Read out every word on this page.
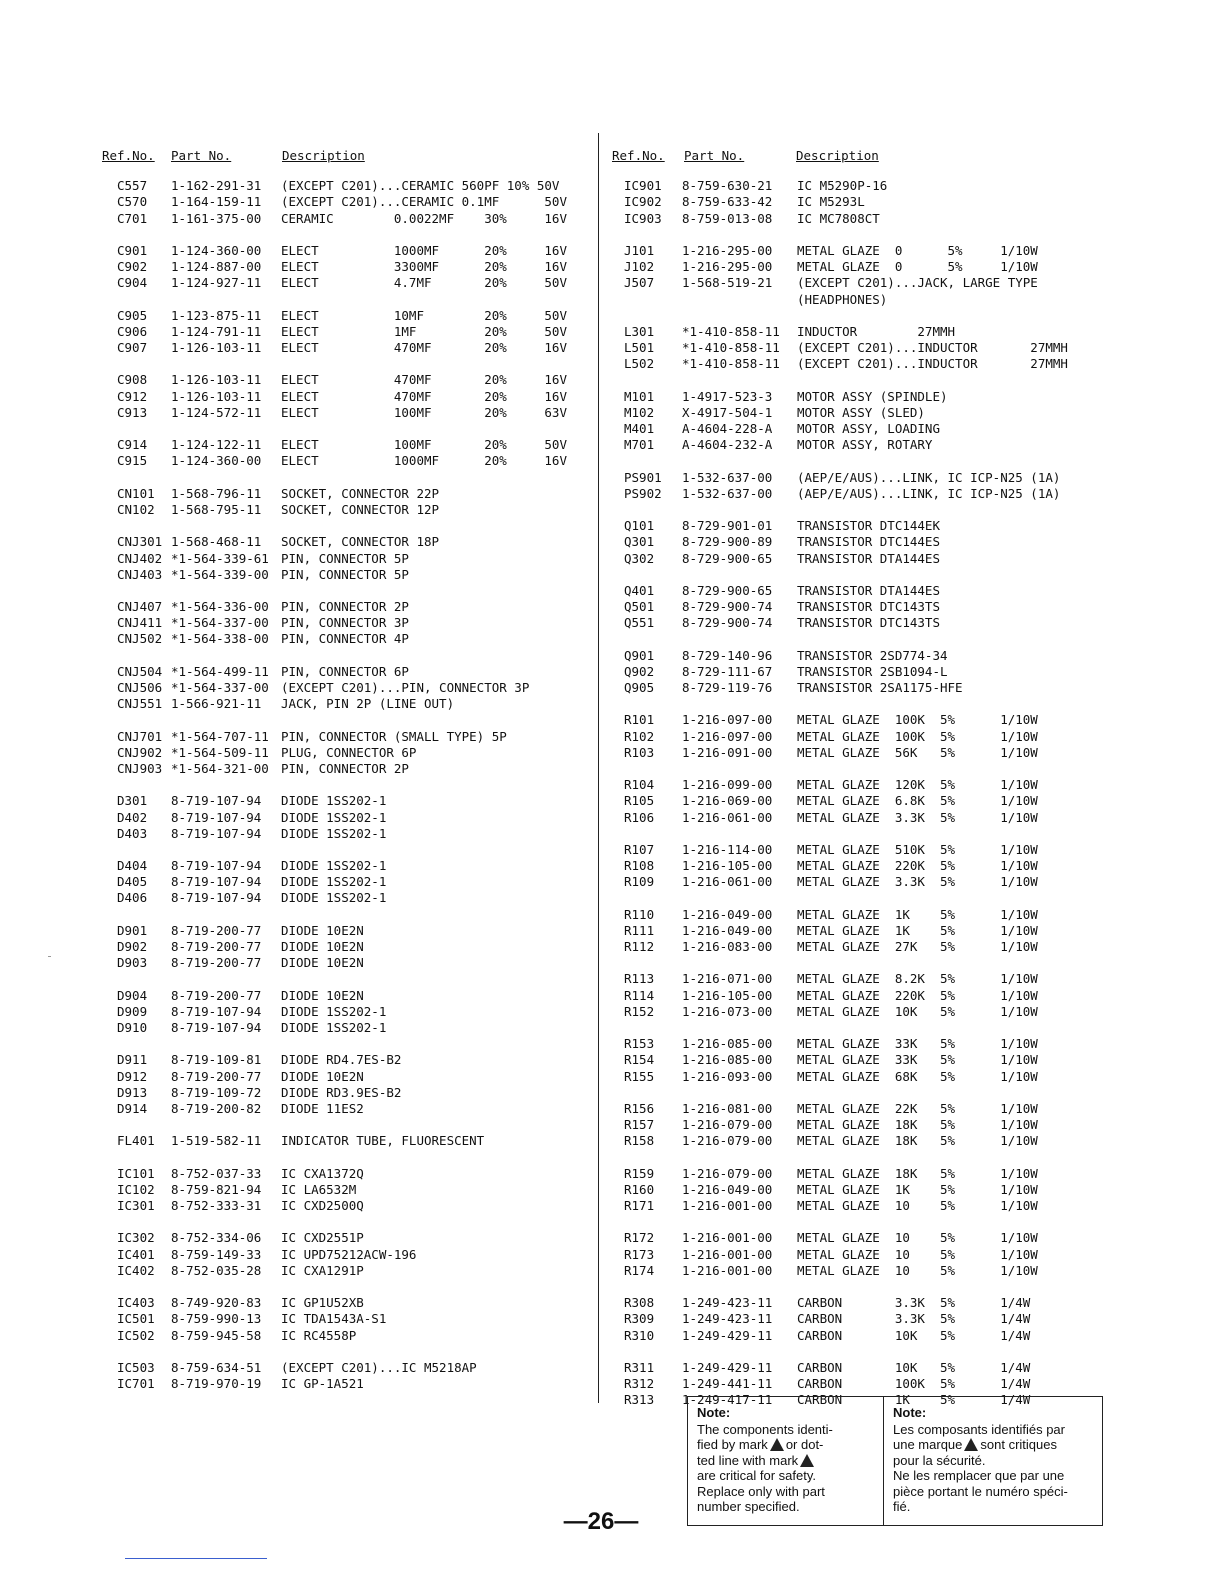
Ref.No.	Part No.	Description
C557	1-162-291-31	(EXCEPT C201)...CERAMIC 560PF 10% 50V
C570	1-164-159-11	(EXCEPT C201)...CERAMIC 0.1MF      50V
C701	1-161-375-00	CERAMIC        0.0022MF    30%     16V
C901	1-124-360-00	ELECT          1000MF      20%     16V
C902	1-124-887-00	ELECT          3300MF      20%     16V
C904	1-124-927-11	ELECT          4.7MF       20%     50V
C905	1-123-875-11	ELECT          10MF        20%     50V
C906	1-124-791-11	ELECT          1MF         20%     50V
C907	1-126-103-11	ELECT          470MF       20%     16V
C908	1-126-103-11	ELECT          470MF       20%     16V
C912	1-126-103-11	ELECT          470MF       20%     16V
C913	1-124-572-11	ELECT          100MF       20%     63V
C914	1-124-122-11	ELECT          100MF       20%     50V
C915	1-124-360-00	ELECT          1000MF      20%     16V
CN101	1-568-796-11	SOCKET, CONNECTOR 22P
CN102	1-568-795-11	SOCKET, CONNECTOR 12P
CNJ301 1-568-468-11	SOCKET, CONNECTOR 18P
CNJ402 *1-564-339-61 PIN, CONNECTOR 5P
CNJ403 *1-564-339-00 PIN, CONNECTOR 5P
CNJ407 *1-564-336-00 PIN, CONNECTOR 2P
CNJ411 *1-564-337-00 PIN, CONNECTOR 3P
CNJ502 *1-564-338-00 PIN, CONNECTOR 4P
CNJ504 *1-564-499-11 PIN, CONNECTOR 6P
CNJ506 *1-564-337-00 (EXCEPT C201)...PIN, CONNECTOR 3P
CNJ551 1-566-921-11	JACK, PIN 2P (LINE OUT)
CNJ701 *1-564-707-11 PIN, CONNECTOR (SMALL TYPE) 5P
CNJ902 *1-564-509-11 PLUG, CONNECTOR 6P
CNJ903 *1-564-321-00 PIN, CONNECTOR 2P
D301	8-719-107-94	DIODE 1SS202-1
D402	8-719-107-94	DIODE 1SS202-1
D403	8-719-107-94	DIODE 1SS202-1
D404	8-719-107-94	DIODE 1SS202-1
D405	8-719-107-94	DIODE 1SS202-1
D406	8-719-107-94	DIODE 1SS202-1
D901	8-719-200-77	DIODE 10E2N
D902	8-719-200-77	DIODE 10E2N
D903	8-719-200-77	DIODE 10E2N
D904	8-719-200-77	DIODE 10E2N
D909	8-719-107-94	DIODE 1SS202-1
D910	8-719-107-94	DIODE 1SS202-1
D911	8-719-109-81	DIODE RD4.7ES-B2
D912	8-719-200-77	DIODE 10E2N
D913	8-719-109-72	DIODE RD3.9ES-B2
D914	8-719-200-82	DIODE 11ES2
FL401	1-519-582-11	INDICATOR TUBE, FLUORESCENT
IC101	8-752-037-33	IC CXA1372Q
IC102	8-759-821-94	IC LA6532M
IC301	8-752-333-31	IC CXD2500Q
IC302	8-752-334-06	IC CXD2551P
IC401	8-759-149-33	IC UPD75212ACW-196
IC402	8-752-035-28	IC CXA1291P
IC403	8-749-920-83	IC GP1U52XB
IC501	8-759-990-13	IC TDA1543A-S1
IC502	8-759-945-58	IC RC4558P
IC503	8-759-634-51	(EXCEPT C201)...IC M5218AP
IC701	8-719-970-19	IC GP-1A521
Ref.No.	Part No.	Description
IC901	8-759-630-21	IC M5290P-16
IC902	8-759-633-42	IC M5293L
IC903	8-759-013-08	IC MC7808CT
J101	1-216-295-00	METAL GLAZE  0      5%     1/10W
J102	1-216-295-00	METAL GLAZE  0      5%     1/10W
J507	1-568-519-21	(EXCEPT C201)...JACK, LARGE TYPE
(HEADPHONES)
L301	*1-410-858-11	INDUCTOR        27MMH
L501	*1-410-858-11	(EXCEPT C201)...INDUCTOR       27MMH
L502	*1-410-858-11	(EXCEPT C201)...INDUCTOR       27MMH
M101	1-4917-523-3	MOTOR ASSY (SPINDLE)
M102	X-4917-504-1	MOTOR ASSY (SLED)
M401	A-4604-228-A	MOTOR ASSY, LOADING
M701	A-4604-232-A	MOTOR ASSY, ROTARY
PS901	1-532-637-00	(AEP/E/AUS)...LINK, IC ICP-N25 (1A)
PS902	1-532-637-00	(AEP/E/AUS)...LINK, IC ICP-N25 (1A)
Q101	8-729-901-01	TRANSISTOR DTC144EK
Q301	8-729-900-89	TRANSISTOR DTC144ES
Q302	8-729-900-65	TRANSISTOR DTA144ES
Q401	8-729-900-65	TRANSISTOR DTA144ES
Q501	8-729-900-74	TRANSISTOR DTC143TS
Q551	8-729-900-74	TRANSISTOR DTC143TS
Q901	8-729-140-96	TRANSISTOR 2SD774-34
Q902	8-729-111-67	TRANSISTOR 2SB1094-L
Q905	8-729-119-76	TRANSISTOR 2SA1175-HFE
R101	1-216-097-00	METAL GLAZE  100K  5%      1/10W
R102	1-216-097-00	METAL GLAZE  100K  5%      1/10W
R103	1-216-091-00	METAL GLAZE  56K   5%      1/10W
R104	1-216-099-00	METAL GLAZE  120K  5%      1/10W
R105	1-216-069-00	METAL GLAZE  6.8K  5%      1/10W
R106	1-216-061-00	METAL GLAZE  3.3K  5%      1/10W
R107	1-216-114-00	METAL GLAZE  510K  5%      1/10W
R108	1-216-105-00	METAL GLAZE  220K  5%      1/10W
R109	1-216-061-00	METAL GLAZE  3.3K  5%      1/10W
R110	1-216-049-00	METAL GLAZE  1K    5%      1/10W
R111	1-216-049-00	METAL GLAZE  1K    5%      1/10W
R112	1-216-083-00	METAL GLAZE  27K   5%      1/10W
R113	1-216-071-00	METAL GLAZE  8.2K  5%      1/10W
R114	1-216-105-00	METAL GLAZE  220K  5%      1/10W
R152	1-216-073-00	METAL GLAZE  10K   5%      1/10W
R153	1-216-085-00	METAL GLAZE  33K   5%      1/10W
R154	1-216-085-00	METAL GLAZE  33K   5%      1/10W
R155	1-216-093-00	METAL GLAZE  68K   5%      1/10W
R156	1-216-081-00	METAL GLAZE  22K   5%      1/10W
R157	1-216-079-00	METAL GLAZE  18K   5%      1/10W
R158	1-216-079-00	METAL GLAZE  18K   5%      1/10W
R159	1-216-079-00	METAL GLAZE  18K   5%      1/10W
R160	1-216-049-00	METAL GLAZE  1K    5%      1/10W
R171	1-216-001-00	METAL GLAZE  10    5%      1/10W
R172	1-216-001-00	METAL GLAZE  10    5%      1/10W
R173	1-216-001-00	METAL GLAZE  10    5%      1/10W
R174	1-216-001-00	METAL GLAZE  10    5%      1/10W
R308	1-249-423-11	CARBON       3.3K  5%      1/4W
R309	1-249-423-11	CARBON       3.3K  5%      1/4W
R310	1-249-429-11	CARBON       10K   5%      1/4W
R311	1-249-429-11	CARBON       10K   5%      1/4W
R312	1-249-441-11	CARBON       100K  5%      1/4W
R313	1-249-417-11	CARBON       1K    5%      1/4W
Note:
The components identi-
fied by mark or dot-
ted line with mark
are critical for safety.
Replace only with part
number specified.
Note:
Les composants identifiés par
une marque sont critiques
pour la sécurité.
Ne les remplacer que par une
pièce portant le numéro spéci-
fié.
—26—
